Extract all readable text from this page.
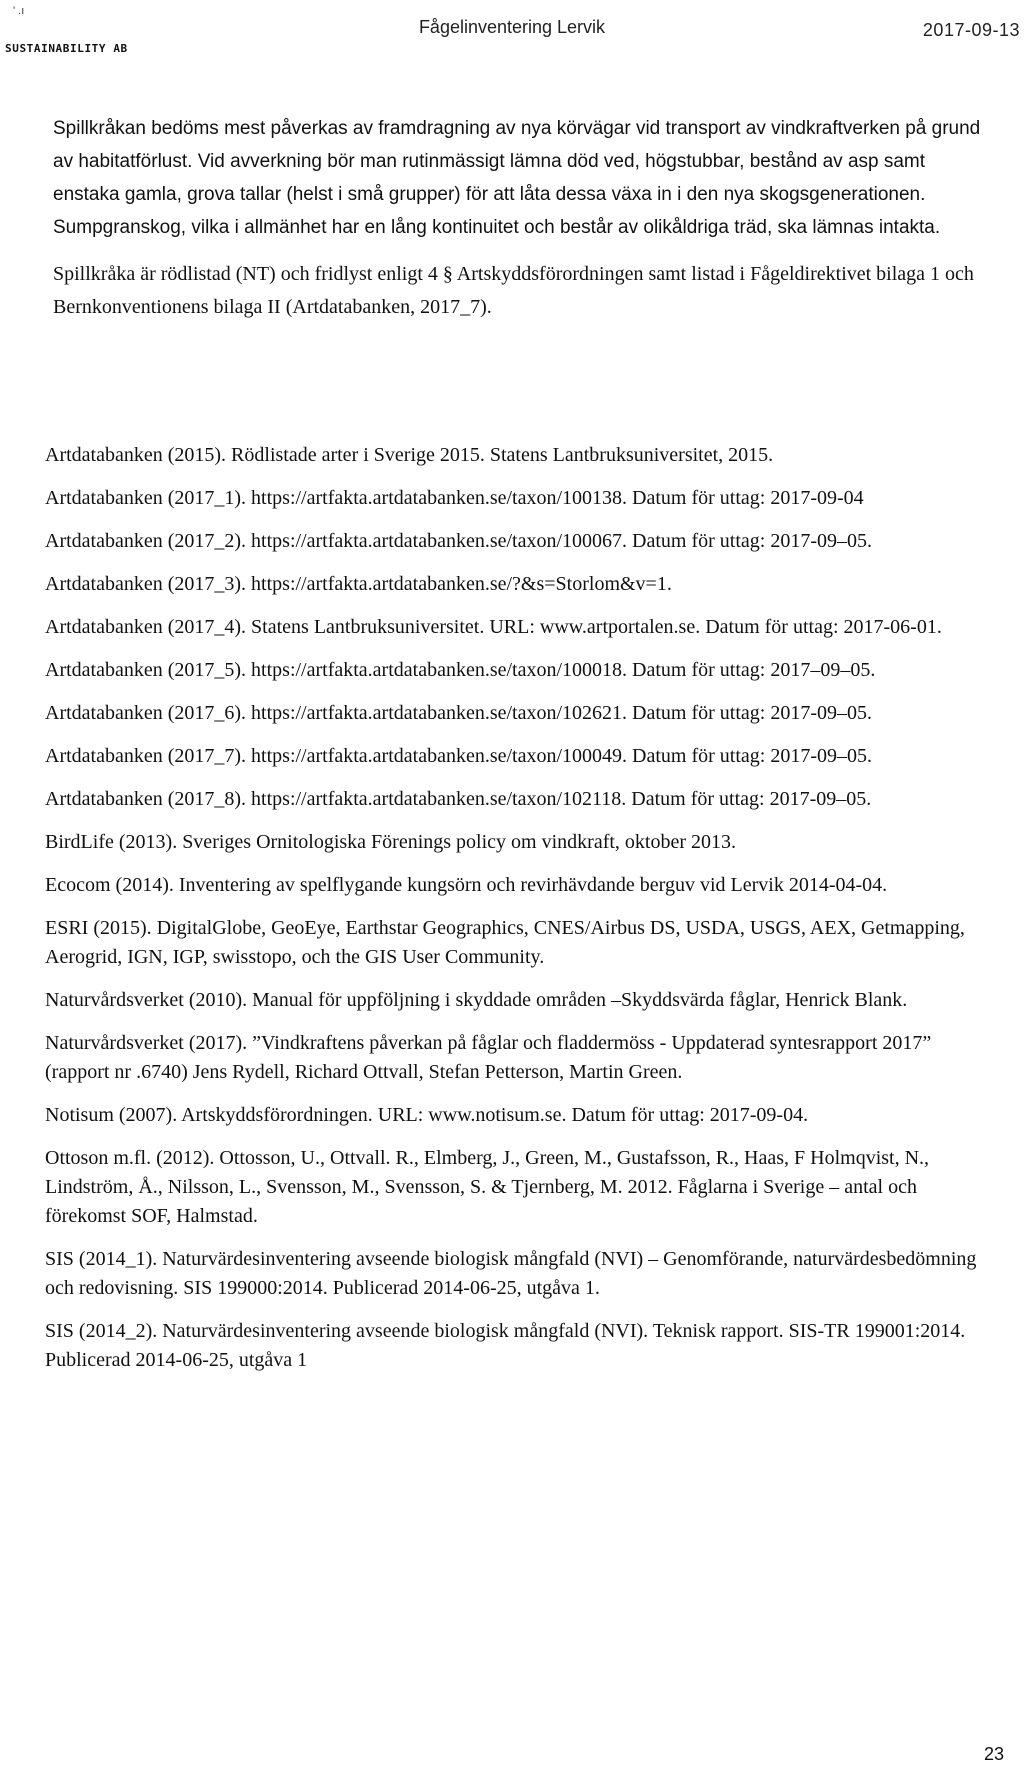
' .ı
SUSTAINABILITY AB
Fågelinventering Lervik	2017-09-13

Spillkråkan bedöms mest påverkas av framdragning av nya körvägar vid transport av vindkraftverken på grund av habitatförlust. Vid avverkning bör man rutinmässigt lämna död ved, högstubbar, bestånd av asp samt enstaka gamla, grova tallar (helst i små grupper) för att låta dessa växa in i den nya skogsgenerationen. Sumpgranskog, vilka i allmänhet har en lång kontinuitet och består av olikåldriga träd, ska lämnas intakta.

Spillkråka är rödlistad (NT) och fridlyst enligt 4 § Artskyddsförordningen samt listad i Fågeldirektivet bilaga 1 och Bernkonventionens bilaga II (Artdatabanken, 2017_7).

Artdatabanken (2015). Rödlistade arter i Sverige 2015. Statens Lantbruksuniversitet, 2015.

Artdatabanken (2017_1). https://artfakta.artdatabanken.se/taxon/100138. Datum för uttag: 2017-09-04

Artdatabanken (2017_2). https://artfakta.artdatabanken.se/taxon/100067. Datum för uttag: 2017-09–05.

Artdatabanken (2017_3). https://artfakta.artdatabanken.se/?&s=Storlom&v=1.

Artdatabanken (2017_4). Statens Lantbruksuniversitet. URL: www.artportalen.se. Datum för uttag: 2017-06-01.

Artdatabanken (2017_5). https://artfakta.artdatabanken.se/taxon/100018. Datum för uttag: 2017–09–05.

Artdatabanken (2017_6). https://artfakta.artdatabanken.se/taxon/102621. Datum för uttag: 2017-09–05.

Artdatabanken (2017_7). https://artfakta.artdatabanken.se/taxon/100049. Datum för uttag: 2017-09–05.

Artdatabanken (2017_8). https://artfakta.artdatabanken.se/taxon/102118. Datum för uttag: 2017-09–05.

BirdLife (2013). Sveriges Ornitologiska Förenings policy om vindkraft, oktober 2013.

Ecocom (2014). Inventering av spelflygande kungsörn och revirhävdande berguv vid Lervik 2014-04-04.

ESRI (2015). DigitalGlobe, GeoEye, Earthstar Geographics, CNES/Airbus DS, USDA, USGS, AEX, Getmapping, Aerogrid, IGN, IGP, swisstopo, och the GIS User Community.

Naturvårdsverket (2010). Manual för uppföljning i skyddade områden –Skyddsvärda fåglar, Henrick Blank.

Naturvårdsverket (2017). ”Vindkraftens påverkan på fåglar och fladdermöss - Uppdaterad syntesrapport 2017” (rapport nr .6740) Jens Rydell, Richard Ottvall, Stefan Petterson, Martin Green.

Notisum (2007). Artskyddsförordningen. URL: www.notisum.se. Datum för uttag: 2017-09-04.

Ottoson m.fl. (2012). Ottosson, U., Ottvall. R., Elmberg, J., Green, M., Gustafsson, R., Haas, F Holmqvist, N., Lindström, Å., Nilsson, L., Svensson, M., Svensson, S. & Tjernberg, M. 2012. Fåglarna i Sverige – antal och förekomst SOF, Halmstad.

SIS (2014_1). Naturvärdesinventering avseende biologisk mångfald (NVI) – Genomförande, naturvärdesbedömning och redovisning. SIS 199000:2014. Publicerad 2014-06-25, utgåva 1.

SIS (2014_2). Naturvärdesinventering avseende biologisk mångfald (NVI). Teknisk rapport. SIS-TR 199001:2014. Publicerad 2014-06-25, utgåva 1

23
